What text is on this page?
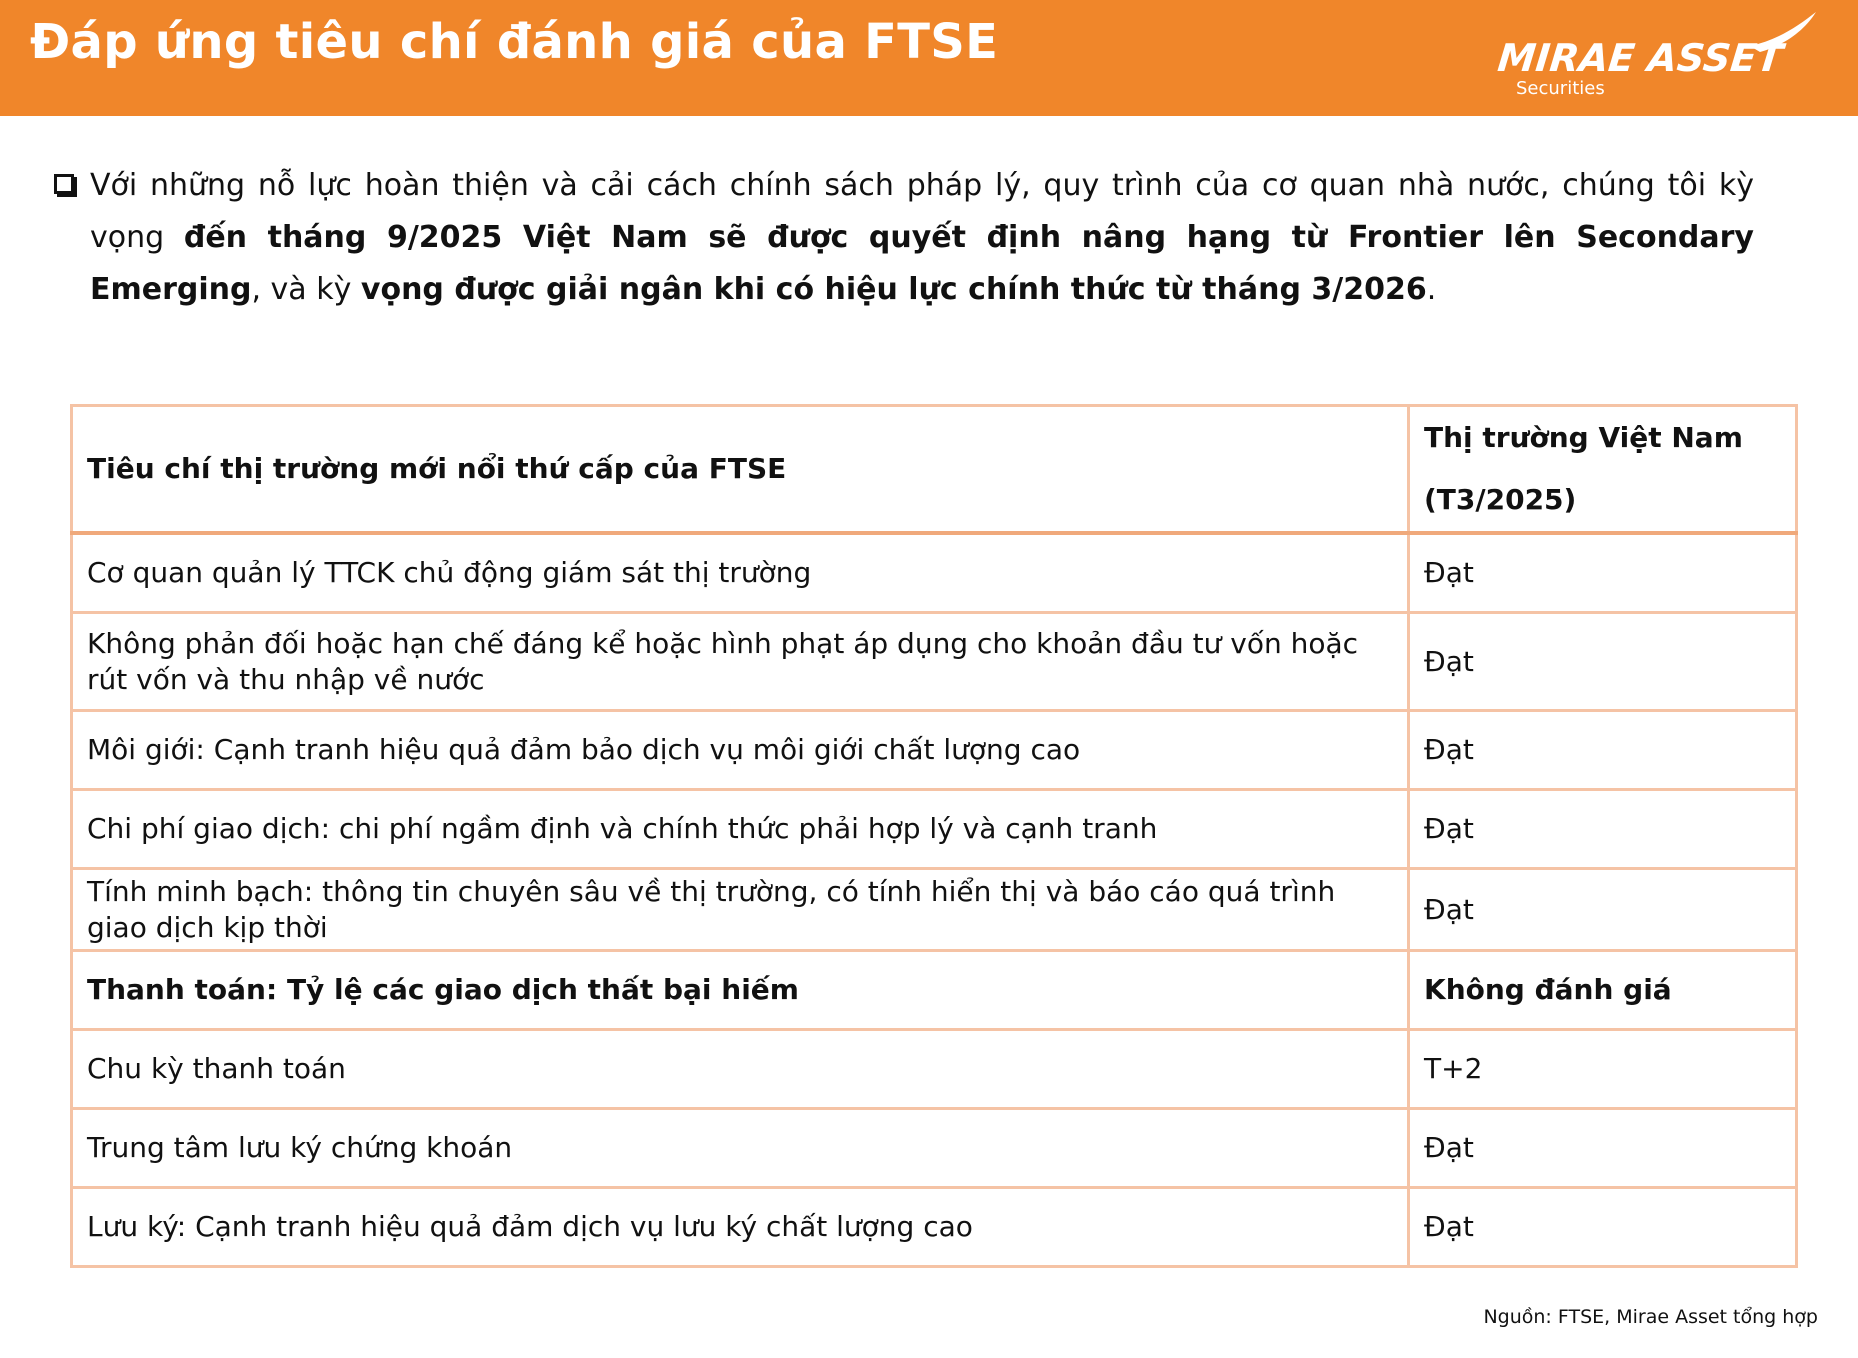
Đáp ứng tiêu chí đánh giá của FTSE	MIRAE ASSET
Securities

Với những nỗ lực hoàn thiện và cải cách chính sách pháp lý, quy trình của cơ quan nhà nước, chúng tôi kỳ vọng đến tháng 9/2025 Việt Nam sẽ được quyết định nâng hạng từ Frontier lên Secondary Emerging, và kỳ vọng được giải ngân khi có hiệu lực chính thức từ tháng 3/2026.

Tiêu chí thị trường mới nổi thứ cấp của FTSE	Thị trường Việt Nam
(T3/2025)

Cơ quan quản lý TTCK chủ động giám sát thị trường	Đạt
Không phản đối hoặc hạn chế đáng kể hoặc hình phạt áp dụng cho khoản đầu tư vốn hoặc rút vốn và thu nhập về nước	Đạt
Môi giới: Cạnh tranh hiệu quả đảm bảo dịch vụ môi giới chất lượng cao	Đạt
Chi phí giao dịch: chi phí ngầm định và chính thức phải hợp lý và cạnh tranh	Đạt
Tính minh bạch: thông tin chuyên sâu về thị trường, có tính hiển thị và báo cáo quá trình giao dịch kịp thời	Đạt
Thanh toán: Tỷ lệ các giao dịch thất bại hiếm	Không đánh giá
Chu kỳ thanh toán	T+2
Trung tâm lưu ký chứng khoán	Đạt
Lưu ký: Cạnh tranh hiệu quả đảm dịch vụ lưu ký chất lượng cao	Đạt
Nguồn: FTSE, Mirae Asset tổng hợp
